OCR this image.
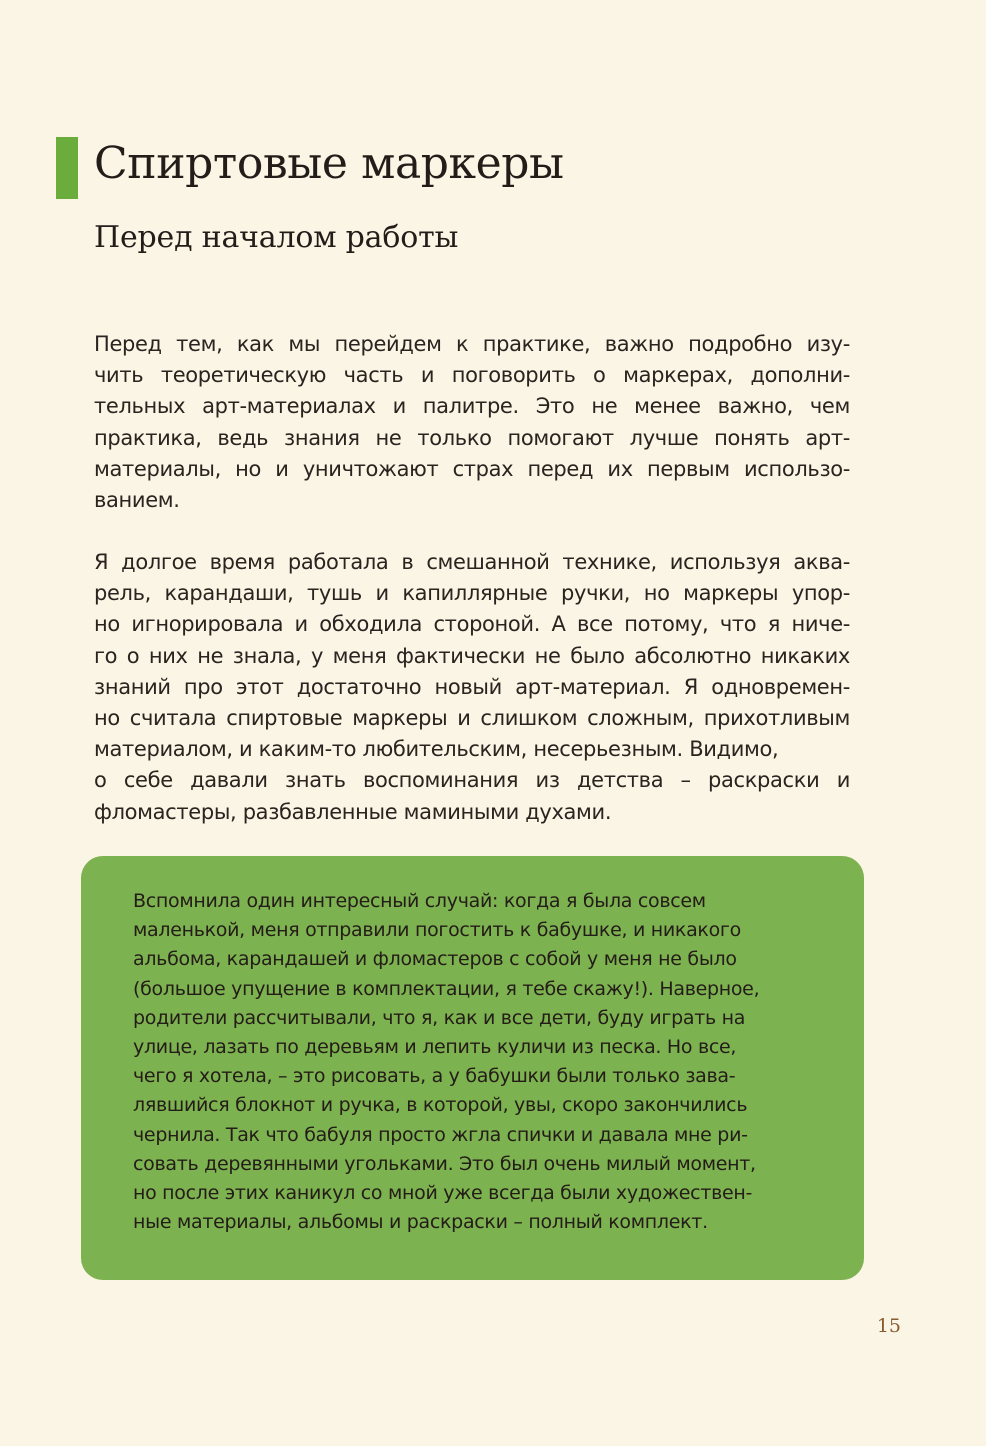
Спиртовые маркеры
Перед началом работы

Перед тем, как мы перейдем к практике, важно подробно изу-
чить теоретическую часть и поговорить о маркерах, дополни-
тельных арт-материалах и палитре. Это не менее важно, чем
практика, ведь знания не только помогают лучше понять арт-
материалы, но и уничтожают страх перед их первым использо-
ванием.

Я долгое время работала в смешанной технике, используя аква-
рель, карандаши, тушь и капиллярные ручки, но маркеры упор-
но игнорировала и обходила стороной. А все потому, что я ниче-
го о них не знала, у меня фактически не было абсолютно никаких
знаний про этот достаточно новый арт-материал. Я одновремен-
но считала спиртовые маркеры и слишком сложным, прихотливым
материалом, и каким-то любительским, несерьезным. Видимо,
о себе давали знать воспоминания из детства – раскраски и
фломастеры, разбавленные мамиными духами.

Вспомнила один интересный случай: когда я была совсем
маленькой, меня отправили погостить к бабушке, и никакого
альбома, карандашей и фломастеров с собой у меня не было
(большое упущение в комплектации, я тебе скажу!). Наверное,
родители рассчитывали, что я, как и все дети, буду играть на
улице, лазать по деревьям и лепить куличи из песка. Но все,
чего я хотела, – это рисовать, а у бабушки были только зава-
лявшийся блокнот и ручка, в которой, увы, скоро закончились
чернила. Так что бабуля просто жгла спички и давала мне ри-
совать деревянными угольками. Это был очень милый момент,
но после этих каникул со мной уже всегда были художествен-
ные материалы, альбомы и раскраски – полный комплект.

15
